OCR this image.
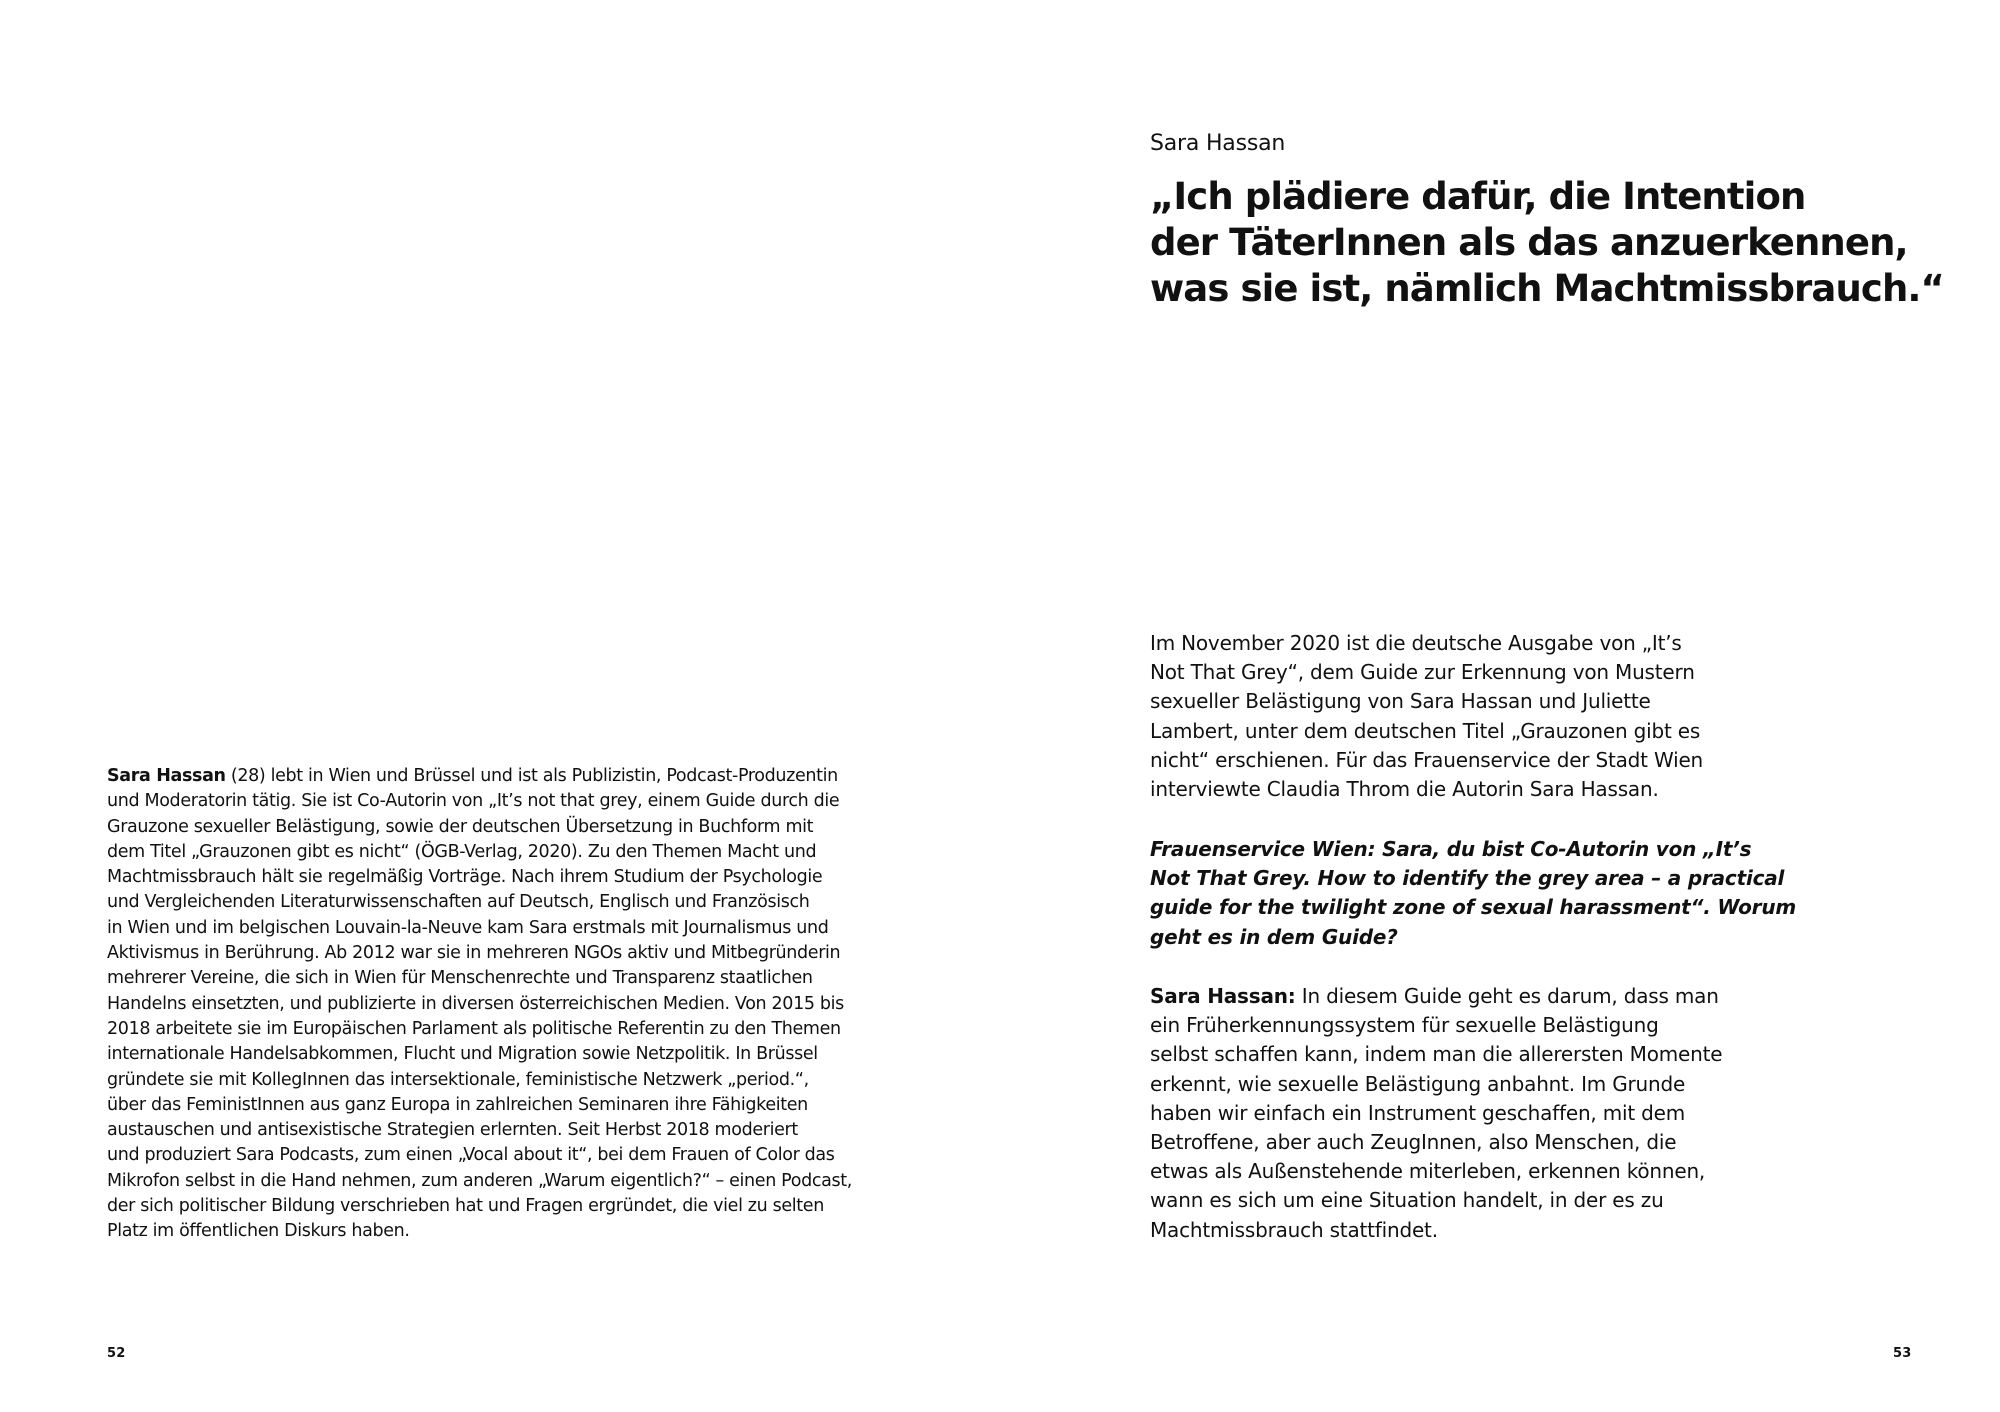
Sara Hassan (28) lebt in Wien und Brüssel und ist als Publizistin, Podcast-Produzentin
und Moderatorin tätig. Sie ist Co-Autorin von „It’s not that grey, einem Guide durch die
Grauzone sexueller Belästigung, sowie der deutschen Übersetzung in Buchform mit
dem Titel „Grauzonen gibt es nicht“ (ÖGB-Verlag, 2020). Zu den Themen Macht und
Machtmissbrauch hält sie regelmäßig Vorträge. Nach ihrem Studium der Psychologie
und Vergleichenden Literaturwissenschaften auf Deutsch, Englisch und Französisch
in Wien und im belgischen Louvain-la-Neuve kam Sara erstmals mit Journalismus und
Aktivismus in Berührung. Ab 2012 war sie in mehreren NGOs aktiv und Mitbegründerin
mehrerer Vereine, die sich in Wien für Menschenrechte und Transparenz staatlichen
Handelns einsetzten, und publizierte in diversen österreichischen Medien. Von 2015 bis
2018 arbeitete sie im Europäischen Parlament als politische Referentin zu den Themen
internationale Handelsabkommen, Flucht und Migration sowie Netzpolitik. In Brüssel
gründete sie mit KollegInnen das intersektionale, feministische Netzwerk „period.“,
über das FeministInnen aus ganz Europa in zahlreichen Seminaren ihre Fähigkeiten
austauschen und antisexistische Strategien erlernten. Seit Herbst 2018 moderiert
und produziert Sara Podcasts, zum einen „Vocal about it“, bei dem Frauen of Color das
Mikrofon selbst in die Hand nehmen, zum anderen „Warum eigentlich?“ – einen Podcast,
der sich politischer Bildung verschrieben hat und Fragen ergründet, die viel zu selten
Platz im öffentlichen Diskurs haben.

52

Sara Hassan

„Ich plädiere dafür, die Intention
der TäterInnen als das anzuerkennen,
was sie ist, nämlich Machtmissbrauch.“

Im November 2020 ist die deutsche Ausgabe von „It’s
Not That Grey“, dem Guide zur Erkennung von Mustern
sexueller Belästigung von Sara Hassan und Juliette
Lambert, unter dem deutschen Titel „Grauzonen gibt es
nicht“ erschienen. Für das Frauenservice der Stadt Wien
interviewte Claudia Throm die Autorin Sara Hassan.

Frauenservice Wien: Sara, du bist Co-Autorin von „It’s
Not That Grey. How to identify the grey area – a practical
guide for the twilight zone of sexual harassment“. Worum
geht es in dem Guide?

Sara Hassan: In diesem Guide geht es darum, dass man
ein Früherkennungssystem für sexuelle Belästigung
selbst schaffen kann, indem man die allerersten Momente
erkennt, wie sexuelle Belästigung anbahnt. Im Grunde
haben wir einfach ein Instrument geschaffen, mit dem
Betroffene, aber auch ZeugInnen, also Menschen, die
etwas als Außenstehende miterleben, erkennen können,
wann es sich um eine Situation handelt, in der es zu
Machtmissbrauch stattfindet.

53
